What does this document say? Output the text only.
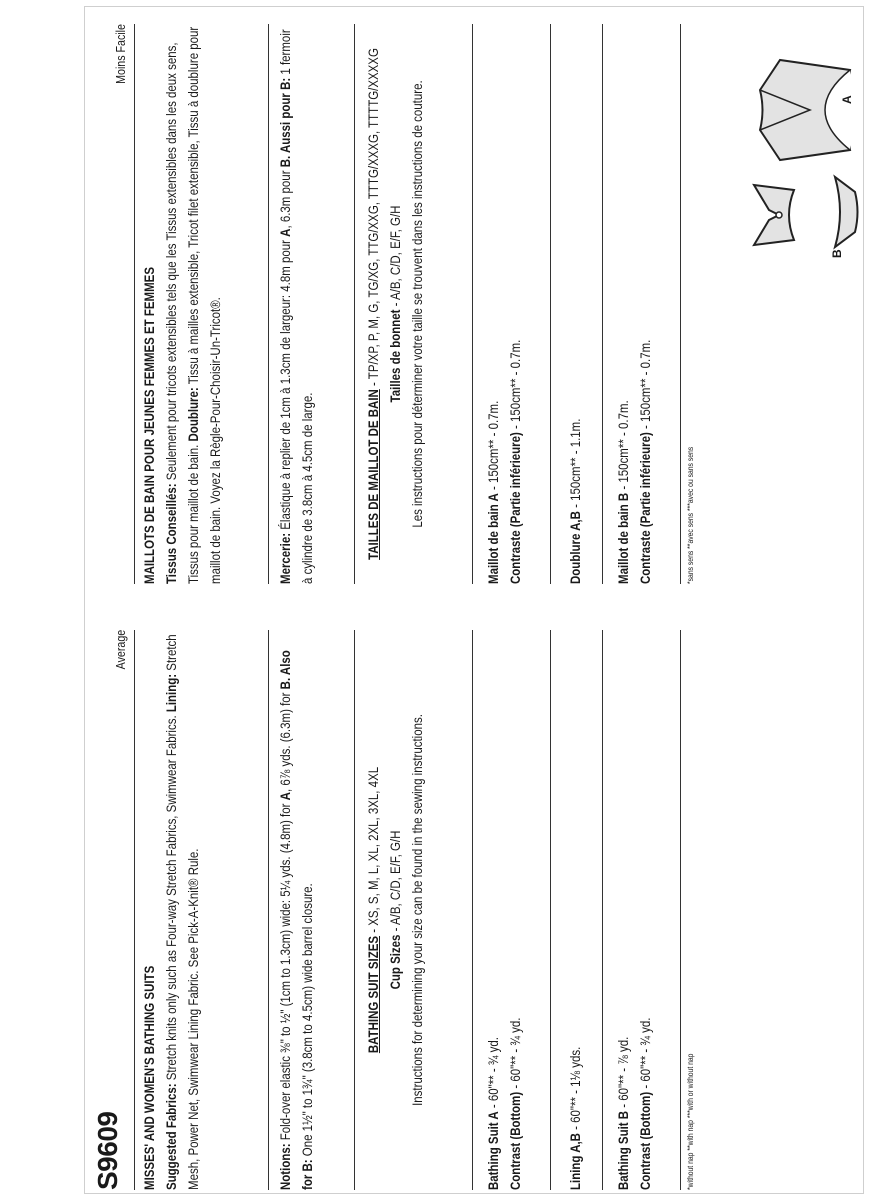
S9609
Average
MISSES' AND WOMEN'S BATHING SUITS Suggested Fabrics: Stretch knits only such as Four-way Stretch Fabrics, Swimwear Fabrics. Lining: Stretch Mesh, Power Net, Swimwear Lining Fabric. See Pick-A-Knit® Rule.	Notions: Fold-over elastic ⅜" to ½" (1cm to 1.3cm) wide: 5¼ yds. (4.8m) for A, 6⅞ yds. (6.3m) for B. Also for B: One 1½" to 1¾" (3.8cm to 4.5cm) wide barrel closure.	BATHING SUIT SIZES - XS, S, M, L, XL, 2XL, 3XL, 4XL
Cup Sizes - A/B, C/D, E/F, G/H Instructions for determining your size can be found in the sewing instructions.
Bathing Suit A - 60"** - ¾ yd.
Contrast (Bottom) - 60"** - ¾ yd.
Lining A,B - 60"** - 1⅛ yds.
Bathing Suit B - 60"** - ⅞ yd.
Contrast (Bottom) - 60"** - ¾ yd.	*without nap **with nap ***with or without nap
Moins Facile
MAILLOTS DE BAIN POUR JEUNES FEMMES ET FEMMES Tissus Conseillés: Seulement pour tricots extensibles tels que les Tissus extensibles dans les deux sens, Tissus pour maillot de bain. Doublure: Tissu à mailles extensible, Tricot filet extensible, Tissu à doublure pour maillot de bain. Voyez la Règle-Pour-Choisir-Un-Tricot®.	Mercerie: Élastique à replier de 1cm à 1.3cm de largeur: 4.8m pour A, 6.3m pour B. Aussi pour B: 1 fermoir à cylindre de 3.8cm à 4.5cm de large.	TAILLES DE MAILLOT DE BAIN - TP/XP, P, M, G, TG/XG, TTG/XXG, TTTG/XXXG, TTTTG/XXXXG Tailles de bonnet - A/B, C/D, E/F, G/H Les instructions pour déterminer votre taille se trouvent dans les instructions de couture.
Maillot de bain A - 150cm** - 0.7m. Contraste (Partie inférieure) - 150cm** - 0.7m.
Doublure A,B - 150cm** - 1.1m.
Maillot de bain B - 150cm** - 0.7m. Contraste (Partie inférieure) - 150cm** - 0.7m.
*sans sens **avec sens ***avec ou sans sens
A
B
